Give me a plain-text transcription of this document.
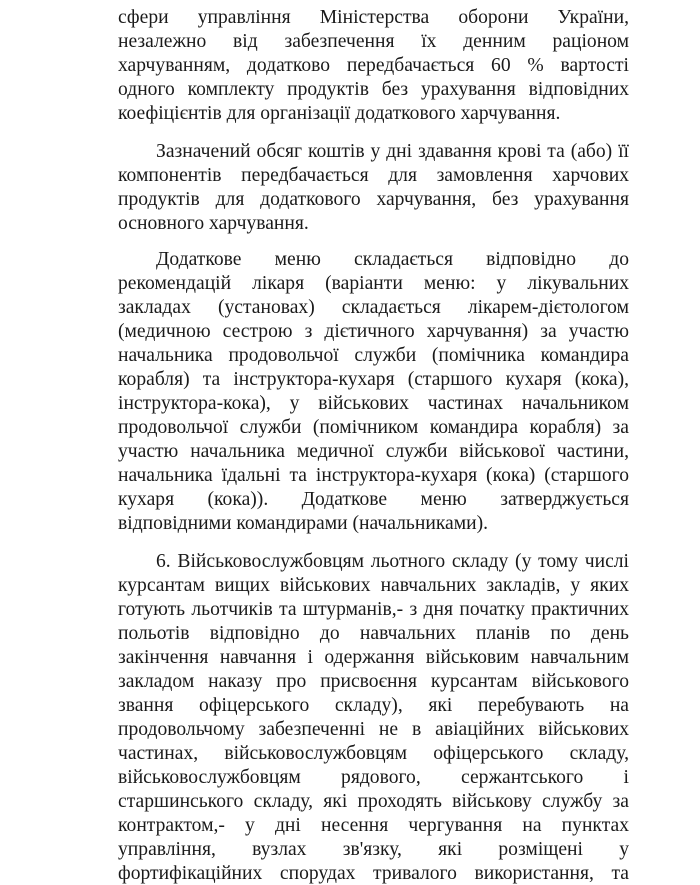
сфери управління Міністерства оборони України,
незалежно від забезпечення їх денним раціоном
харчуванням, додатково передбачається 60 % вартості
одного комплекту продуктів без урахування відповідних
коефіцієнтів для організації додаткового харчування.
Зазначений обсяг коштів у дні здавання крові та (або) її
компонентів передбачається для замовлення харчових
продуктів для додаткового харчування, без урахування
основного харчування.
Додаткове меню складається відповідно до
рекомендацій лікаря (варіанти меню: у лікувальних
закладах (установах) складається лікарем-дієтологом
(медичною сестрою з дієтичного харчування) за участю
начальника продовольчої служби (помічника командира
корабля) та інструктора-кухаря (старшого кухаря (кока),
інструктора-кока), у військових частинах начальником
продовольчої служби (помічником командира корабля) за
участю начальника медичної служби військової частини,
начальника їдальні та інструктора-кухаря (кока) (старшого
кухаря (кока)). Додаткове меню затверджується
відповідними командирами (начальниками).
6. Військовослужбовцям льотного складу (у тому числі
курсантам вищих військових навчальних закладів, у яких
готують льотчиків та штурманів,- з дня початку практичних
польотів відповідно до навчальних планів по день
закінчення навчання і одержання військовим навчальним
закладом наказу про присвоєння курсантам військового
звання офіцерського складу), які перебувають на
продовольчому забезпеченні не в авіаційних військових
частинах, військовослужбовцям офіцерського складу,
військовослужбовцям рядового, сержантського і
старшинського складу, які проходять військову службу за
контрактом,- у дні несення чергування на пунктах
управління, вузлах зв'язку, які розміщені у
фортифікаційних спорудах тривалого використання, та
